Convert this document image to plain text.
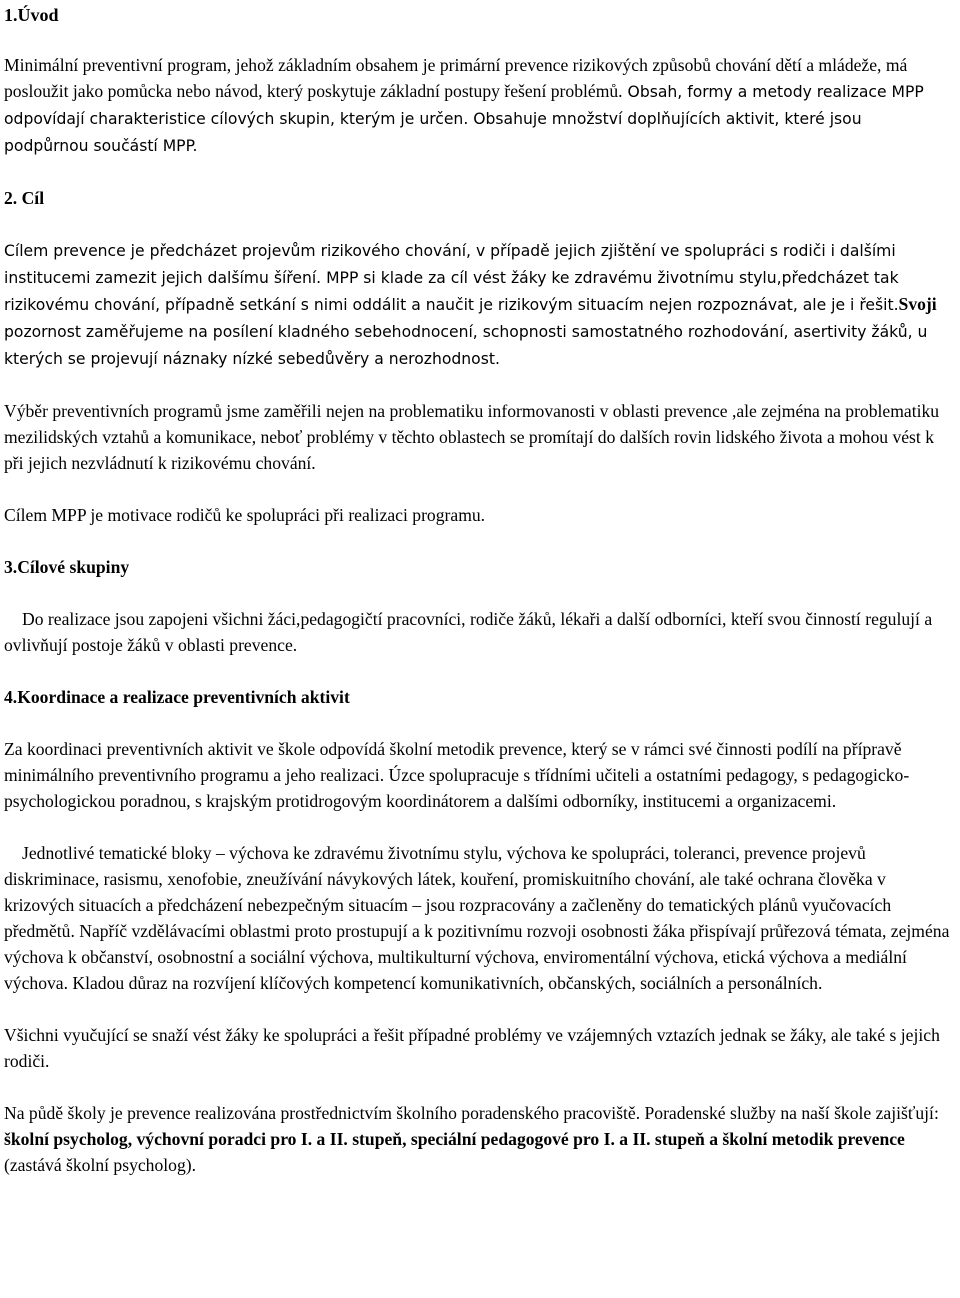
1.Úvod

Minimální preventivní program, jehož základním obsahem je primární prevence rizikových způsobů chování dětí a mládeže, má posloužit jako pomůcka nebo návod, který poskytuje základní postupy řešení problémů. Obsah, formy a metody realizace MPP odpovídají charakteristice cílových skupin, kterým je určen. Obsahuje množství doplňujících aktivit, které jsou podpůrnou součástí MPP.

2. Cíl

Cílem prevence je předcházet projevům rizikového chování, v případě jejich zjištění ve spolupráci s rodiči i dalšími institucemi zamezit jejich dalšímu šíření. MPP si klade za cíl vést žáky ke zdravému životnímu stylu,předcházet tak rizikovému chování, případně setkání s nimi oddálit a naučit je rizikovým situacím nejen rozpoznávat, ale je i řešit.Svoji pozornost zaměřujeme na posílení kladného sebehodnocení, schopnosti samostatného rozhodování, asertivity žáků, u kterých se projevují náznaky nízké sebedůvěry a nerozhodnost.

Výběr preventivních programů jsme zaměřili nejen na problematiku informovanosti v oblasti prevence ,ale zejména na problematiku mezilidských vztahů a komunikace, neboť problémy v těchto oblastech se promítají do dalších rovin lidského života a mohou vést k při jejich nezvládnutí k rizikovému chování.

Cílem MPP je motivace rodičů ke spolupráci při realizaci programu.

3.Cílové skupiny

Do realizace jsou zapojeni všichni žáci,pedagogičtí pracovníci, rodiče žáků, lékaři a další odborníci, kteří svou činností regulují a ovlivňují postoje žáků v oblasti prevence.

4.Koordinace a realizace preventivních aktivit

Za koordinaci preventivních aktivit ve škole odpovídá školní metodik prevence, který se v rámci své činnosti podílí na přípravě minimálního preventivního programu a jeho realizaci. Úzce spolupracuje s třídními učiteli a ostatními pedagogy, s pedagogicko-psychologickou poradnou, s krajským protidrogovým koordinátorem a dalšími odborníky, institucemi a organizacemi.

Jednotlivé tematické bloky – výchova ke zdravému životnímu stylu, výchova ke spolupráci, toleranci, prevence projevů diskriminace, rasismu, xenofobie, zneužívání návykových látek, kouření, promiskuitního chování, ale také ochrana člověka v krizových situacích a předcházení nebezpečným situacím – jsou rozpracovány a začleněny do tematických plánů vyučovacích předmětů. Napříč vzdělávacími oblastmi proto prostupují a k pozitivnímu rozvoji osobnosti žáka přispívají průřezová témata, zejména výchova k občanství, osobnostní a sociální výchova, multikulturní výchova, enviromentální výchova, etická výchova a mediální výchova. Kladou důraz na rozvíjení klíčových kompetencí komunikativních, občanských, sociálních a personálních.

Všichni vyučující se snaží vést žáky ke spolupráci a řešit případné problémy ve vzájemných vztazích jednak se žáky, ale také s jejich rodiči.

Na půdě školy je prevence realizována prostřednictvím školního poradenského pracoviště. Poradenské služby na naší škole zajišťují: školní psycholog, výchovní poradci pro I. a II. stupeň, speciální pedagogové pro I. a II. stupeň a školní metodik prevence (zastává školní psycholog).
